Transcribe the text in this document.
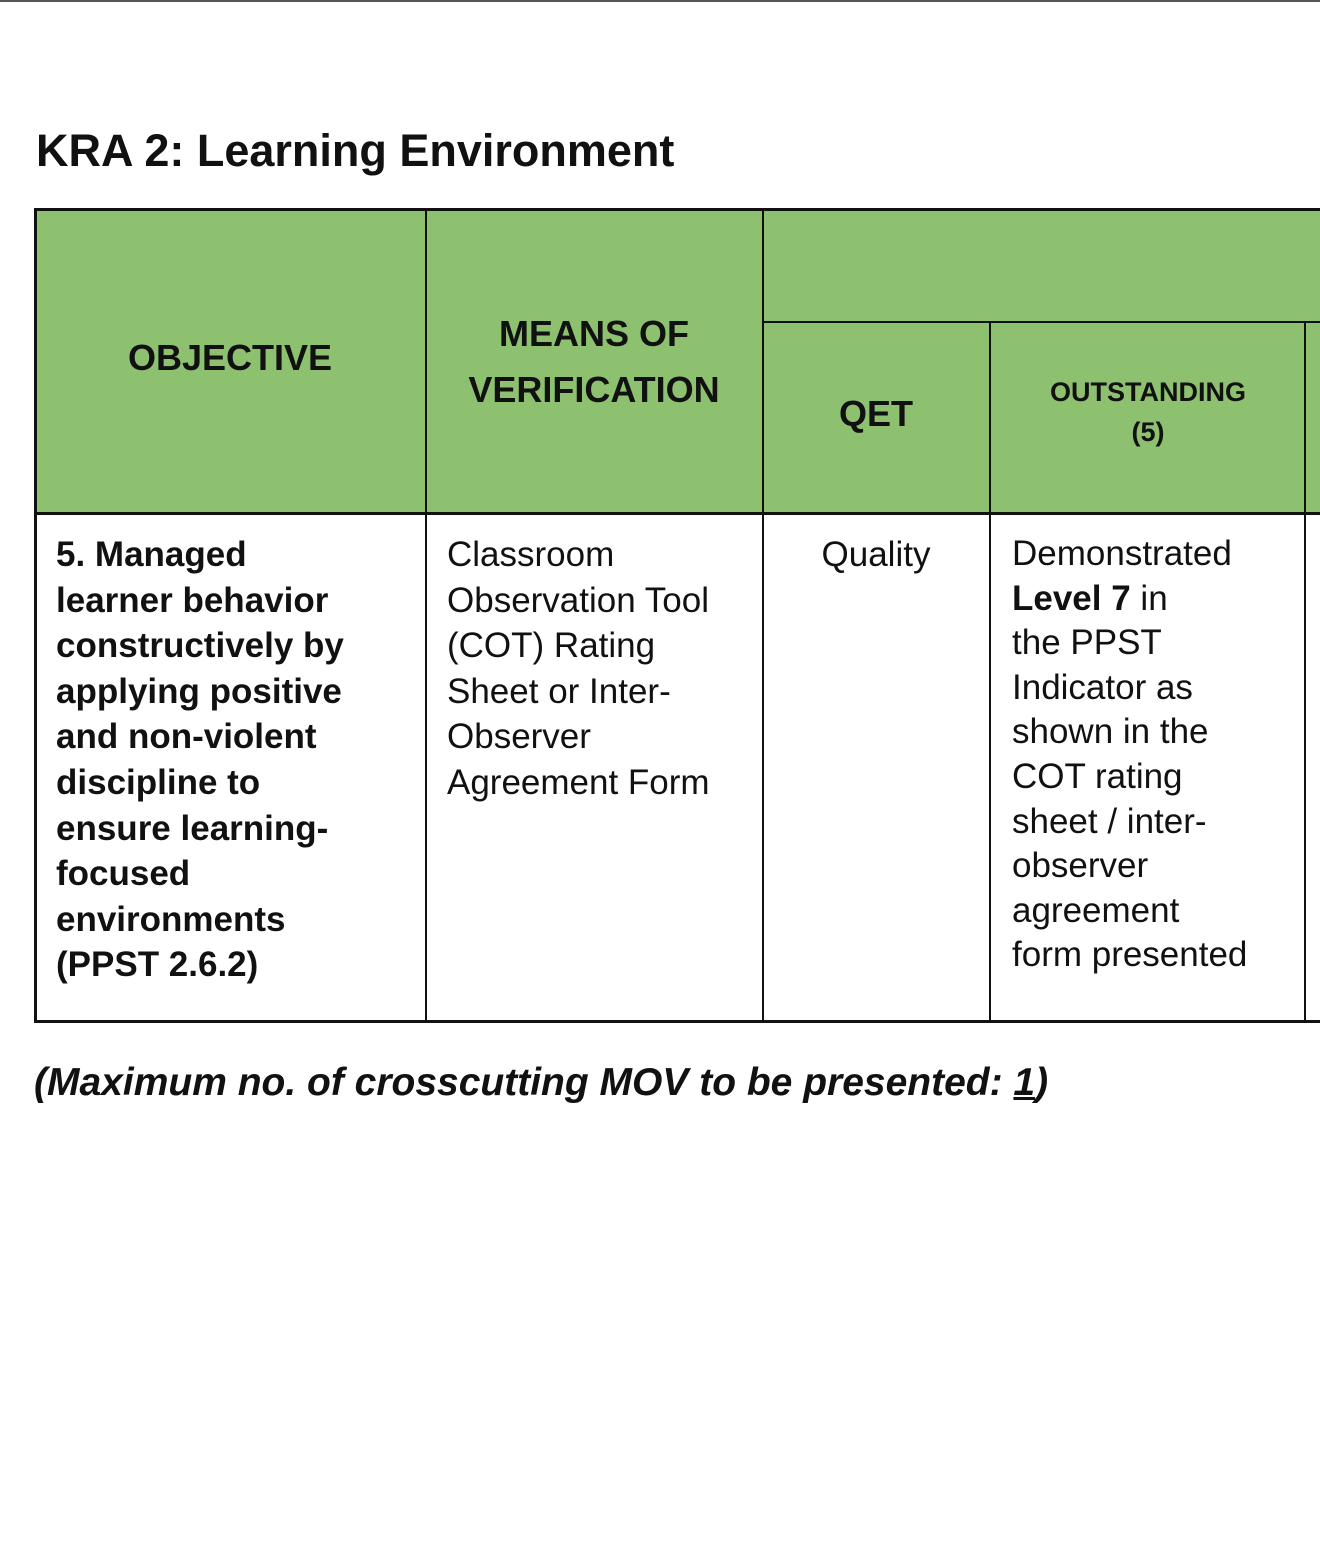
KRA 2: Learning Environment
OBJECTIVE
MEANS OF
VERIFICATION
QET
OUTSTANDING
(5)
5. Managed
learner behavior
constructively by
applying positive
and non-violent
discipline to
ensure learning-
focused
environments
(PPST 2.6.2)
Classroom
Observation Tool
(COT) Rating
Sheet or Inter-
Observer
Agreement Form
Quality	Demonstrated
Level 7 in
the PPST
Indicator as
shown in the
COT rating
sheet / inter-
observer
agreement
form presented
(Maximum no. of crosscutting MOV to be presented: 1)
